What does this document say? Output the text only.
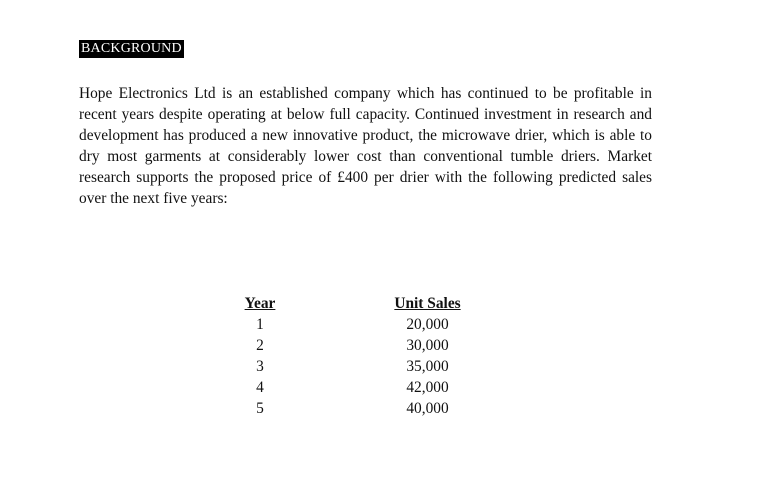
BACKGROUND

Hope Electronics Ltd is an established company which has continued to be profitable in recent years despite operating at below full capacity. Continued investment in research and development has produced a new innovative product, the microwave drier, which is able to dry most garments at considerably lower cost than conventional tumble driers. Market research supports the proposed price of £400 per drier with the following predicted sales over the next five years:

Year
1
2
3
4
5
Unit Sales
20,000
30,000
35,000
42,000
40,000
